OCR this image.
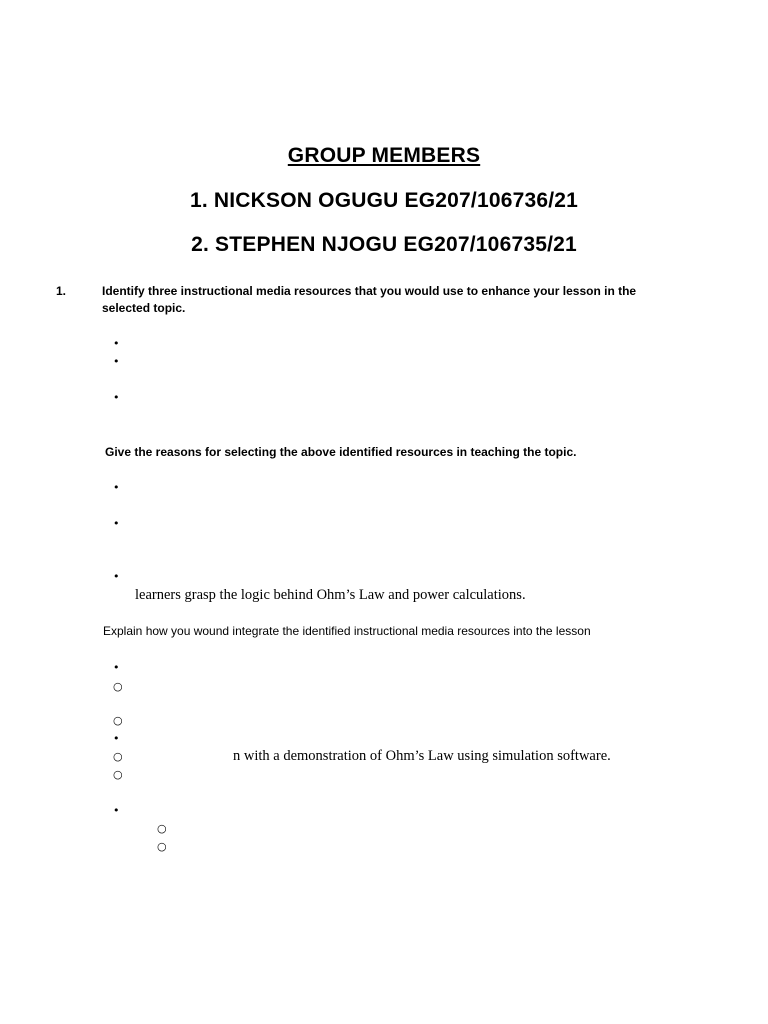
GROUP MEMBERS
1. NICKSON OGUGU EG207/106736/21
2. STEPHEN NJOGU EG207/106735/21
1.	Identify three instructional media resources that you would use to enhance your lesson in the
selected topic.
•
•
•
Give the reasons for selecting the above identified resources in teaching the topic.
•
•
•
learners grasp the logic behind Ohm’s Law and power calculations.
Explain how you wound integrate the identified instructional media resources into the lesson
•
○
○
•
○	n with a demonstration of Ohm’s Law using simulation software.
○
•
○
○
